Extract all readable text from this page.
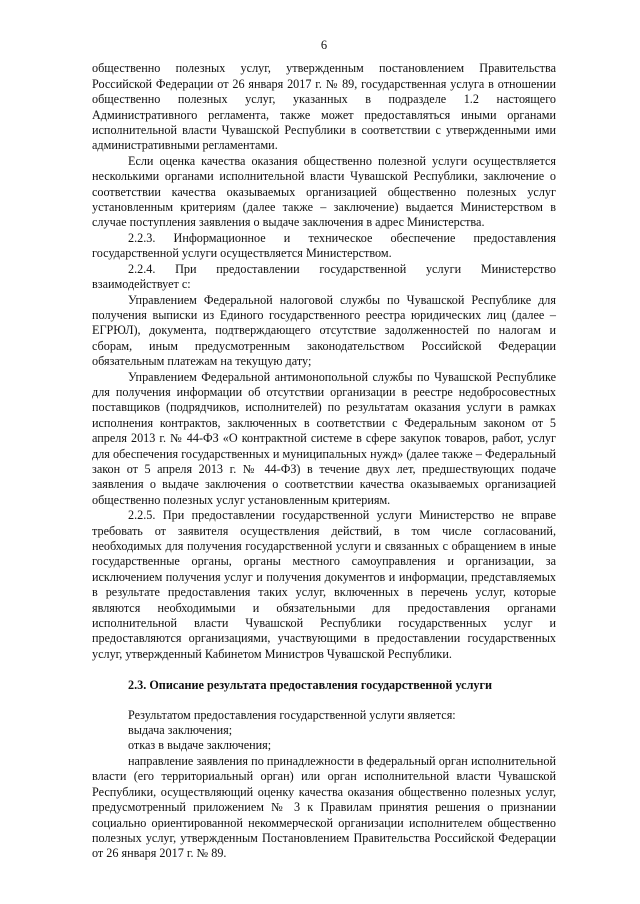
6

общественно полезных услуг, утвержденным постановлением Правительства Российской Федерации от 26 января 2017 г. № 89, государственная услуга в отношении общественно полезных услуг, указанных в подразделе 1.2 настоящего Административного регламента, также может предоставляться иными органами исполнительной власти Чувашской Республики в соответствии с утвержденными ими административными регламентами.

Если оценка качества оказания общественно полезной услуги осуществляется несколькими органами исполнительной власти Чувашской Республики, заключение о соответствии качества оказываемых организацией общественно полезных услуг установленным критериям (далее также – заключение) выдается Министерством в случае поступления заявления о выдаче заключения в адрес Министерства.

2.2.3. Информационное и техническое обеспечение предоставления государственной услуги осуществляется Министерством.

2.2.4. При предоставлении государственной услуги Министерство взаимодействует с:

Управлением Федеральной налоговой службы по Чувашской Республике для получения выписки из Единого государственного реестра юридических лиц (далее – ЕГРЮЛ), документа, подтверждающего отсутствие задолженностей по налогам и сборам, иным предусмотренным законодательством Российской Федерации обязательным платежам на текущую дату;

Управлением Федеральной антимонопольной службы по Чувашской Республике для получения информации об отсутствии организации в реестре недобросовестных поставщиков (подрядчиков, исполнителей) по результатам оказания услуги в рамках исполнения контрактов, заключенных в соответствии с Федеральным законом от 5 апреля 2013 г. № 44-ФЗ «О контрактной системе в сфере закупок товаров, работ, услуг для обеспечения государственных и муниципальных нужд» (далее также – Федеральный закон от 5 апреля 2013 г. № 44-ФЗ) в течение двух лет, предшествующих подаче заявления о выдаче заключения о соответствии качества оказываемых организацией общественно полезных услуг установленным критериям.

2.2.5. При предоставлении государственной услуги Министерство не вправе требовать от заявителя осуществления действий, в том числе согласований, необходимых для получения государственной услуги и связанных с обращением в иные государственные органы, органы местного самоуправления и организации, за исключением получения услуг и получения документов и информации, представляемых в результате предоставления таких услуг, включенных в перечень услуг, которые являются необходимыми и обязательными для предоставления органами исполнительной власти Чувашской Республики государственных услуг и предоставляются организациями, участвующими в предоставлении государственных услуг, утвержденный Кабинетом Министров Чувашской Республики.

2.3. Описание результата предоставления государственной услуги

Результатом предоставления государственной услуги является:

выдача заключения;

отказ в выдаче заключения;

направление заявления по принадлежности в федеральный орган исполнительной власти (его территориальный орган) или орган исполнительной власти Чувашской Республики, осуществляющий оценку качества оказания общественно полезных услуг, предусмотренный приложением № 3 к Правилам принятия решения о признании социально ориентированной некоммерческой организации исполнителем общественно полезных услуг, утвержденным Постановлением Правительства Российской Федерации от 26 января 2017 г. № 89.
